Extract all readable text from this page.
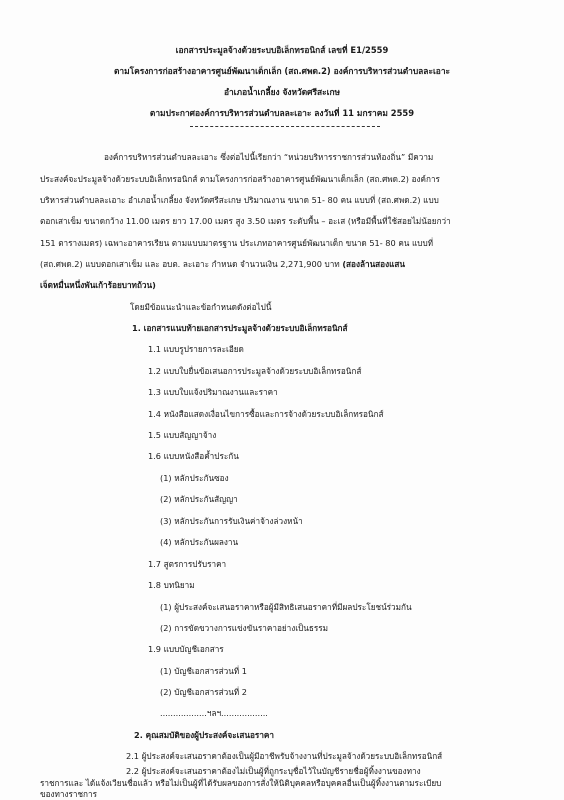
เอกสารประมูลจ้างด้วยระบบอิเล็กทรอนิกส์ เลขที่ E1/2559
ตามโครงการก่อสร้างอาคารศูนย์พัฒนาเด็กเล็ก (สถ.ศพด.2) องค์การบริหารส่วนตำบลละเอาะ
อำเภอน้ำเกลี้ยง จังหวัดศรีสะเกษ
ตามประกาศองค์การบริหารส่วนตำบลละเอาะ ลงวันที่ 11 มกราคม 2559
องค์การบริหารส่วนตำบลละเอาะ ซึ่งต่อไปนี้เรียกว่า “หน่วยบริหารราชการส่วนท้องถิ่น” มีความ
ประสงค์จะประมูลจ้างด้วยระบบอิเล็กทรอนิกส์ ตามโครงการก่อสร้างอาคารศูนย์พัฒนาเด็กเล็ก (สถ.ศพด.2) องค์การ
บริหารส่วนตำบลละเอาะ อำเภอน้ำเกลี้ยง จังหวัดศรีสะเกษ ปริมาณงาน ขนาด 51- 80 คน แบบที่ (สถ.ศพด.2) แบบ
ตอกเสาเข็ม ขนาดกว้าง 11.00 เมตร ยาว 17.00 เมตร สูง 3.50 เมตร ระดับพื้น – อะเส (หรือมีพื้นที่ใช้สอยไม่น้อยกว่า
151 ตารางเมตร) เฉพาะอาคารเรียน ตามแบบมาตรฐาน ประเภทอาคารศูนย์พัฒนาเด็ก ขนาด 51- 80 คน แบบที่
(สถ.ศพด.2) แบบตอกเสาเข็ม และ อบต. ละเอาะ กำหนด จำนวนเงิน 2,271,900 บาท (สองล้านสองแสน
เจ็ดหมื่นหนึ่งพันเก้าร้อยบาทถ้วน)
โดยมีข้อแนะนำและข้อกำหนดดังต่อไปนี้
1. เอกสารแนบท้ายเอกสารประมูลจ้างด้วยระบบอิเล็กทรอนิกส์
1.1 แบบรูปรายการละเอียด
1.2 แบบใบยื่นข้อเสนอการประมูลจ้างด้วยระบบอิเล็กทรอนิกส์
1.3 แบบใบแจ้งปริมาณงานและราคา
1.4 หนังสือแสดงเงื่อนไขการซื้อและการจ้างด้วยระบบอิเล็กทรอนิกส์
1.5 แบบสัญญาจ้าง
1.6 แบบหนังสือค้ำประกัน
(1) หลักประกันซอง
(2) หลักประกันสัญญา
(3) หลักประกันการรับเงินค่าจ้างล่วงหน้า
(4) หลักประกันผลงาน
1.7 สูตรการปรับราคา
1.8 บทนิยาม
(1) ผู้ประสงค์จะเสนอราคาหรือผู้มีสิทธิเสนอราคาที่มีผลประโยชน์ร่วมกัน
(2) การขัดขวางการแข่งขันราคาอย่างเป็นธรรม
1.9 แบบบัญชีเอกสาร
(1) บัญชีเอกสารส่วนที่ 1
(2) บัญชีเอกสารส่วนที่ 2
..................ฯลฯ..................
2. คุณสมบัติของผู้ประสงค์จะเสนอราคา
2.1 ผู้ประสงค์จะเสนอราคาต้องเป็นผู้มีอาชีพรับจ้างงานที่ประมูลจ้างด้วยระบบอิเล็กทรอนิกส์
2.2 ผู้ประสงค์จะเสนอราคาต้องไม่เป็นผู้ที่ถูกระบุชื่อไว้ในบัญชีรายชื่อผู้ทิ้งงานของทาง
ราชการและ ได้แจ้งเวียนชื่อแล้ว หรือไม่เป็นผู้ที่ได้รับผลของการสั่งให้นิติบุคคลหรือบุคคลอื่นเป็นผู้ทิ้งงานตามระเบียบ
ของทางราชการ
